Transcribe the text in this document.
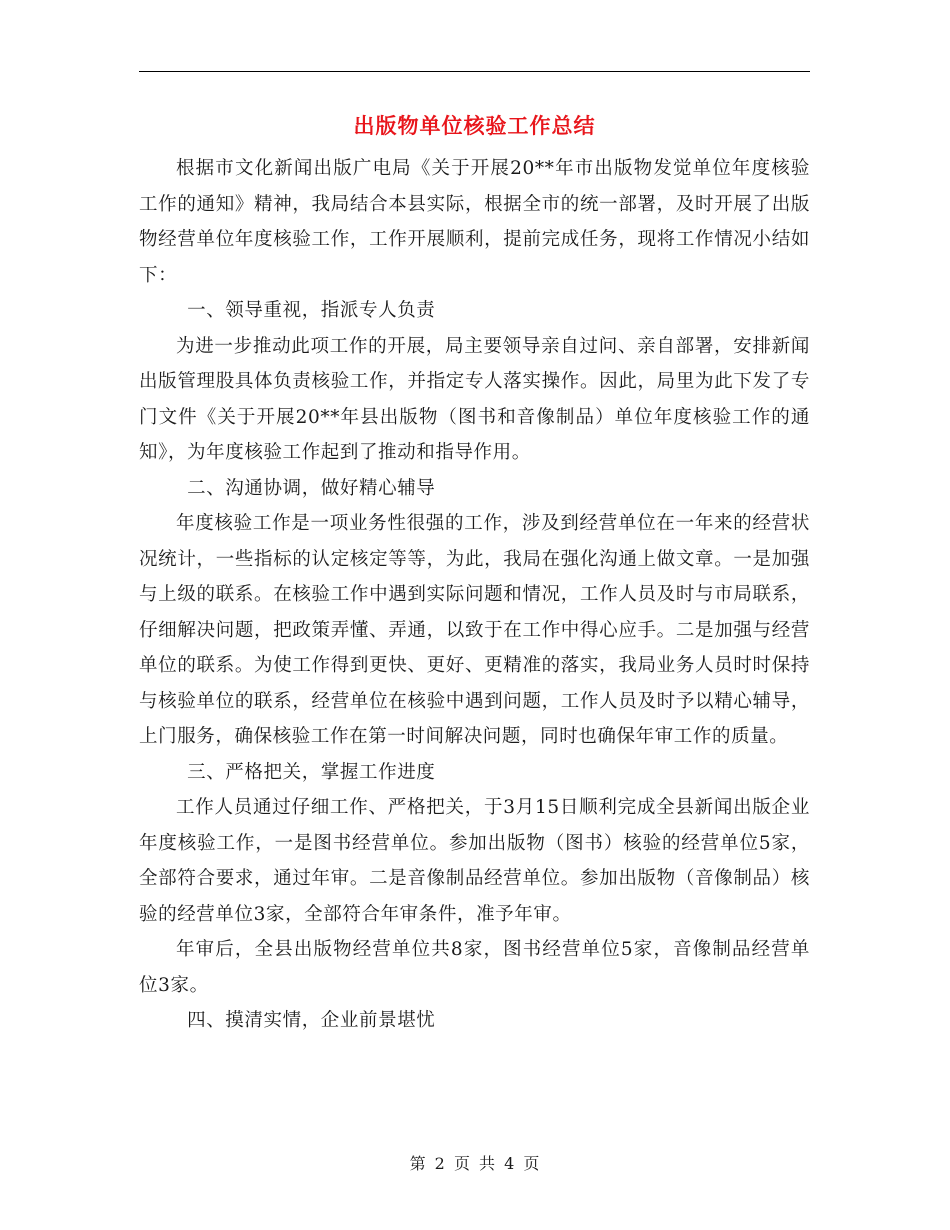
出版物单位核验工作总结

根据市文化新闻出版广电局《关于开展20**年市出版物发觉单位年度核验工作的通知》精神，我局结合本县实际，根据全市的统一部署，及时开展了出版物经营单位年度核验工作，工作开展顺利，提前完成任务，现将工作情况小结如下：

一、领导重视，指派专人负责

为进一步推动此项工作的开展，局主要领导亲自过问、亲自部署，安排新闻出版管理股具体负责核验工作，并指定专人落实操作。因此，局里为此下发了专门文件《关于开展20**年县出版物（图书和音像制品）单位年度核验工作的通知》，为年度核验工作起到了推动和指导作用。

二、沟通协调，做好精心辅导

年度核验工作是一项业务性很强的工作，涉及到经营单位在一年来的经营状况统计，一些指标的认定核定等等，为此，我局在强化沟通上做文章。一是加强与上级的联系。在核验工作中遇到实际问题和情况，工作人员及时与市局联系，仔细解决问题，把政策弄懂、弄通，以致于在工作中得心应手。二是加强与经营单位的联系。为使工作得到更快、更好、更精准的落实，我局业务人员时时保持与核验单位的联系，经营单位在核验中遇到问题，工作人员及时予以精心辅导，上门服务，确保核验工作在第一时间解决问题，同时也确保年审工作的质量。

三、严格把关，掌握工作进度

工作人员通过仔细工作、严格把关，于3月15日顺利完成全县新闻出版企业年度核验工作，一是图书经营单位。参加出版物（图书）核验的经营单位5家，全部符合要求，通过年审。二是音像制品经营单位。参加出版物（音像制品）核验的经营单位3家，全部符合年审条件，准予年审。

年审后，全县出版物经营单位共8家，图书经营单位5家，音像制品经营单位3家。

四、摸清实情，企业前景堪忧

第 2 页 共 4 页
